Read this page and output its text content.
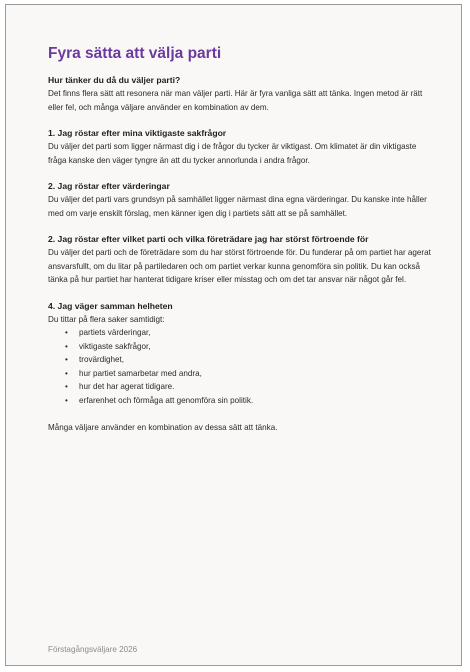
Fyra sätta att välja parti
Hur tänker du då du väljer parti?
Det finns flera sätt att resonera när man väljer parti. Här är fyra vanliga sätt att tänka. Ingen metod är rätt eller fel, och många väljare använder en kombination av dem.
1. Jag röstar efter mina viktigaste sakfrågor
Du väljer det parti som ligger närmast dig i de frågor du tycker är viktigast. Om klimatet är din viktigaste fråga kanske den väger tyngre än att du tycker annorlunda i andra frågor.
2. Jag röstar efter värderingar
Du väljer det parti vars grundsyn på samhället ligger närmast dina egna värderingar. Du kanske inte håller med om varje enskilt förslag, men känner igen dig i partiets sätt att se på samhället.
2. Jag röstar efter vilket parti och vilka företrädare jag har störst förtroende för
Du väljer det parti och de företrädare som du har störst förtroende för. Du funderar på om partiet har agerat ansvarsfullt, om du litar på partiledaren och om partiet verkar kunna genomföra sin politik. Du kan också tänka på hur partiet har hanterat tidigare kriser eller misstag och om det tar ansvar när något går fel.
4. Jag väger samman helheten
Du tittar på flera saker samtidigt:
• partiets värderingar,
• viktigaste sakfrågor,
• trovärdighet,
• hur partiet samarbetar med andra,
• hur det har agerat tidigare.
• erfarenhet och förmåga att genomföra sin politik.
Många väljare använder en kombination av dessa sätt att tänka.
Förstagångsväljare 2026
